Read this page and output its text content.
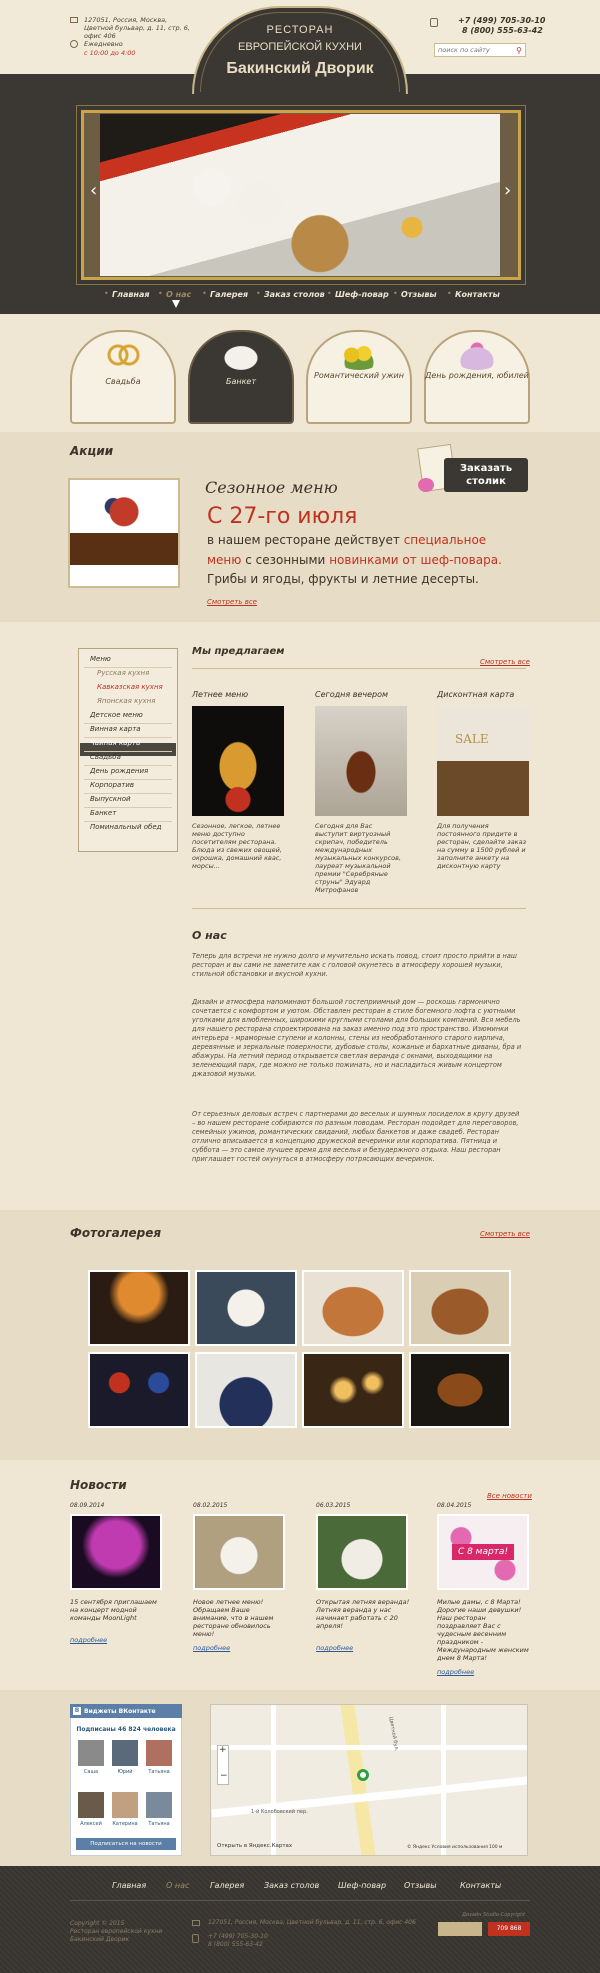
127051, Россия, Москва, Цветной бульвар, д. 11, стр. 6, офис 406
Ежедневно
с 10:00 до 4:00
РЕСТОРАН
ЕВРОПЕЙСКОЙ КУХНИ
Бакинский Дворик
+7 (499) 705-30-10
8 (800) 555-63-42
поиск по сайту
⚲
‹	›
• Главная • О нас • Галерея • Заказ столов • Шеф-повар • Отзывы • Контакты
Свадьба	Банкет
Романтический ужин	День рождения, юбилей
Акции
Сезонное меню
С 27-го июля
в нашем ресторане действует специальное
меню с сезонными новинками от шеф-повара.
Грибы и ягоды, фрукты и летние десерты.
Смотреть все
Заказать столик
Меню
Русская кухня
Кавказская кухня
Японская кухня
Детское меню
Винная карта
Чайная карта
Свадьба
День рождения
Корпоратив
Выпускной
Банкет
Поминальный обед
Мы предлагаем
Смотреть все
Летнее меню
Сезонное, легкое, летнее меню доступно посетителям ресторана. Блюда из свежих овощей, окрошка, домашний квас, морсы...
Сегодня вечером
Сегодня для Вас выступит виртуозный скрипач, победитель международных музыкальных конкурсов, лауреат музыкальной премии "Серебряные струны" Эдуард Митрофанов
Дисконтная карта
SALE
Для получения постоянного придите в ресторан, сделайте заказ на сумму в 1500 рублей и заполните анкету на дисконтную карту
О нас
Теперь для встречи не нужно долго и мучительно искать повод, стоит просто прийти в наш ресторан и вы сами не заметите как с головой окунетесь в атмосферу хорошей музыки, стильной обстановки и вкусной кухни.
Дизайн и атмосфера напоминают большой гостеприимный дом — роскошь гармонично сочетается с комфортом и уютом. Обставлен ресторан в стиле богемного лофта с уютными уголками для влюбленных, широкими круглыми столами для больших компаний. Вся мебель для нашего ресторана спроектирована на заказ именно под это пространство. Изюминки интерьера - мраморные ступени и колонны, стены из необработанного старого кирпича, деревянные и зеркальные поверхности, дубовые столы, кожаные и бархатные диваны, бра и абажуры. На летний период открывается светлая веранда с окнами, выходящими на зеленеющий парк, где можно не только пожинать, но и насладиться живым концертом джазовой музыки.
От серьезных деловых встреч с партнерами до веселых и шумных посиделок в кругу друзей – во нашем ресторане собираются по разным поводам. Ресторан подойдет для переговоров, семейных ужинов, романтических свиданий, любых банкетов и даже свадеб. Ресторан отлично вписывается в концепцию дружеской вечеринки или корпоратива. Пятница и суббота — это самое лучшее время для веселья и безудержного отдыха. Наш ресторан приглашает гостей окунуться в атмосферу потрясающих вечеринок.
Фотогалерея	Смотреть все
Новости
Все новости
08.09.2014
15 сентября приглашаем на концерт модной команды MoonLight
подробнее
08.02.2015
Новое летнее меню! Обращаем Ваше внимание, что в нашем ресторане обновилось меню!
подробнее
06.03.2015
Открытая летняя веранда! Летняя веранда у нас начинает работать с 20 апреля!
подробнее
08.04.2015
С 8 марта!
Милые дамы, с 8 Марта! Дорогие наши девушки! Наш ресторан поздравляет Вас с чудесным весенним праздником - Международным женским днем 8 Марта!
подробнее
В Виджеты ВКонтакте
Подписаны 46 824 человека
Саша	Юрий	Татьяна
Алексей	Катерина	Татьяна
Подписаться на новости
Цветной бул.
1-й Колобовский пер.
+
−
Открыть в Яндекс.Картах	© Яндекс Условия использования 100 м
Главная О нас	Галерея Заказ столов Шеф-повар Отзывы	Контакты
Copyright © 2015
Ресторан европейской кухни
Бакинский Дворик
127051, Россия, Москва, Цветной бульвар, д. 11, стр. 6, офис 406
+7 (499) 705-30-10
8 (800) 555-63-42
Дизайн Studio-Copyright
709 868
